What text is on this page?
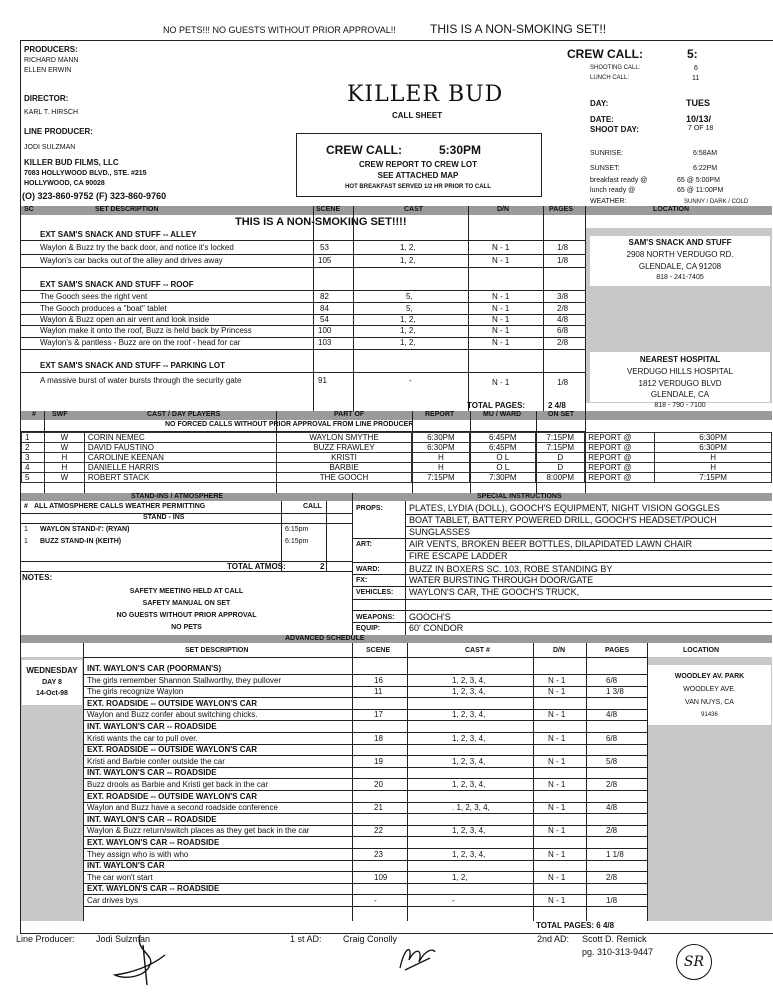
NO PETS!!! NO GUESTS WITHOUT PRIOR APPROVAL!!	THIS IS A NON-SMOKING SET!!
PRODUCERS:
RICHARD MANN
ELLEN ERWIN
DIRECTOR:
KARL T. HIRSCH
LINE PRODUCER:
JODI SULZMAN
KILLER BUD FILMS, LLC
7083 HOLLYWOOD BLVD., STE. #215
HOLLYWOOD, CA 90028
(O) 323-860-9752 (F) 323-860-9760
KILLER BUD
CALL SHEET
CREW CALL:	5:30PM
CREW REPORT TO CREW LOT
SEE ATTACHED MAP
HOT BREAKFAST SERVED 1/2 HR PRIOR TO CALL
CREW CALL:	5:
SHOOTING CALL:	6
LUNCH CALL:	11
DAY:	TUES
DATE:	10/13/
SHOOT DAY:	7 OF 18
SUNRISE:	6:58AM
SUNSET:	6:22PM
breakfast ready @	65 @ 5:00PM
lunch ready @	65 @ 11:00PM
WEATHER:	SUNNY / DARK / COLD
SC	SET DESCRIPTION	SCENE	CAST	D/N	PAGES	LOCATION
THIS IS A NON-SMOKING SET!!!!
EXT SAM'S SNACK AND STUFF -- ALLEY
Waylon & Buzz try the back door, and notice it's locked	53	1, 2,	N - 1	1/8
Waylon's car backs out of the alley and drives away	105	1, 2,	N - 1	1/8
EXT SAM'S SNACK AND STUFF -- ROOF
The Gooch sees the right vent	82	5,	N - 1	3/8
The Gooch produces a "boat" tablet	84	5,	N - 1	2/8
Waylon & Buzz open an air vent and look inside	54	1, 2,	N - 1	4/8
Waylon make it onto the roof, Buzz is held back by Princess	100	1, 2,	N - 1	6/8
Waylon's & pantless - Buzz are on the roof - head for car	103	1, 2,	N - 1	2/8
EXT SAM'S SNACK AND STUFF -- PARKING LOT
A massive burst of water bursts through the security gate	91	-	N - 1	1/8
SAM'S SNACK AND STUFF
2908 NORTH VERDUGO RD.
GLENDALE, CA 91208
818 - 241-7405
NEAREST HOSPITAL
VERDUGO HILLS HOSPITAL
1812 VERDUGO BLVD
GLENDALE, CA
818 - 790 - 7100
TOTAL PAGES:	2 4/8
# SWF	CAST / DAY PLAYERS	PART OF	REPORT	MU / WARD	ON SET
NO FORCED CALLS WITHOUT PRIOR APPROVAL FROM LINE PRODUCER
1	W	CORIN NEMEC	WAYLON SMYTHE	6:30PM	6:45PM	7:15PM	REPORT @	6:30PM
2	W	DAVID FAUSTINO	BUZZ FRAWLEY	6:30PM	6:45PM	7:15PM	REPORT @	6:30PM
3	H	CAROLINE KEENAN	KRISTI	H	O L	D	REPORT @	H
4	H	DANIELLE HARRIS	BARBIE	H	O L	D	REPORT @	H
5	W	ROBERT STACK	THE GOOCH	7:15PM	7:30PM	8:00PM	REPORT @	7:15PM
STAND-INS / ATMOSPHERE	SPECIAL INSTRUCTIONS
# ALL ATMOSPHERE CALLS WEATHER PERMITTING	CALL
STAND - INS
1 WAYLON STAND-I': (RYAN)	6:15pm
1 BUZZ STAND-IN (KEITH)	6:15pm
TOTAL ATMOS:	2
PROPS:	PLATES, LYDIA (DOLL), GOOCH'S EQUIPMENT, NIGHT VISION GOGGLES
BOAT TABLET, BATTERY POWERED DRILL, GOOCH'S HEADSET/POUCH
SUNGLASSES
ART:	AIR VENTS, BROKEN BEER BOTTLES, DILAPIDATED LAWN CHAIR
FIRE ESCAPE LADDER
WARD:	BUZZ IN BOXERS SC. 103, ROBE STANDING BY
FX:	WATER BURSTING THROUGH DOOR/GATE
VEHICLES: WAYLON'S CAR, THE GOOCH'S TRUCK,
WEAPONS: GOOCH'S
EQUIP:	60' CONDOR
NOTES:
SAFETY MEETING HELD AT CALL
SAFETY MANUAL ON SET
NO GUESTS WITHOUT PRIOR APPROVAL
NO PETS
ADVANCED SCHEDULE
SET DESCRIPTION	SCENE	CAST #	D/N	PAGES	LOCATION
WEDNESDAY
DAY 8
14-Oct-98
WOODLEY AV. PARK
WOODLEY AVE.
VAN NUYS, CA
91436
INT. WAYLON'S CAR (POORMAN'S)
The girls remember Shannon Stallworthy, they pullover	16	1, 2, 3, 4,	N - 1	6/8
The girls recognize Waylon	11	1, 2, 3, 4,	N - 1	1 3/8
EXT. ROADSIDE -- OUTSIDE WAYLON'S CAR
Waylon and Buzz confer about switching chicks.	17	1, 2, 3, 4,	N - 1	4/8
INT. WAYLON'S CAR -- ROADSIDE
Kristi wants the car to pull over.	18	1, 2, 3, 4,	N - 1	6/8
EXT. ROADSIDE -- OUTSIDE WAYLON'S CAR
Kristi and Barbie confer outside the car	19	1, 2, 3, 4,	N - 1	5/8
INT. WAYLON'S CAR -- ROADSIDE
Buzz drools as Barbie and Kristi get back in the car	20	1, 2, 3, 4,	N - 1	2/8
EXT. ROADSIDE -- OUTSIDE WAYLON'S CAR
Waylon and Buzz have a second roadside conference	21	. 1, 2, 3, 4,	N - 1	4/8
INT. WAYLON'S CAR -- ROADSIDE
Waylon & Buzz return/switch places as they get back in the car	22	1, 2, 3, 4,	N - 1	2/8
EXT. WAYLON'S CAR -- ROADSIDE
They assign who is with who	23	1, 2, 3, 4,	N - 1	1 1/8
INT. WAYLON'S CAR
The car won't start	109	1, 2,	N - 1	2/8
EXT. WAYLON'S CAR -- ROADSIDE
Car drives bys	-	-	N - 1	1/8
TOTAL PAGES: 6 4/8
Line Producer: Jodi Sulzman	1 st AD: Craig Conolly	2nd AD: Scott D. Remick
pg. 310-313-9447
SR
